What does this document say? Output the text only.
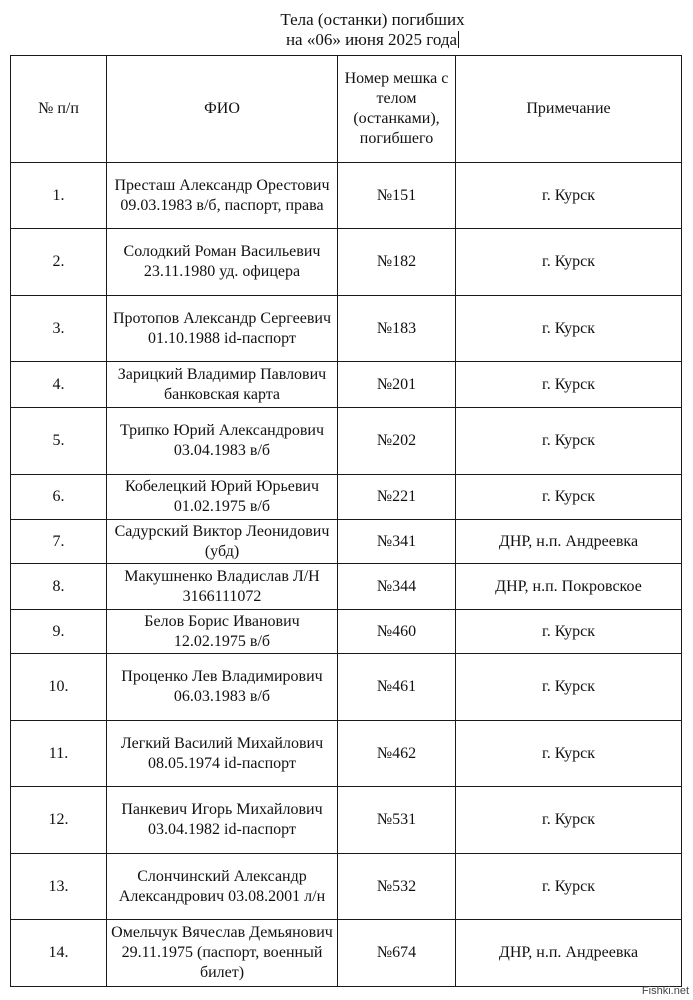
Тела (останки) погибших
на «06» июня 2025 года
№ п/п	ФИО	Номер мешка с телом (останками), погибшего	Примечание
1.	Престаш Александр Орестович 09.03.1983 в/б, паспорт, права	№151	г. Курск
2.	Солодкий Роман Васильевич 23.11.1980 уд. офицера	№182	г. Курск
3.	Протопов Александр Сергеевич 01.10.1988 id-паспорт	№183	г. Курск
4.	Зарицкий Владимир Павлович банковская карта	№201	г. Курск
5.	Трипко Юрий Александрович 03.04.1983 в/б	№202	г. Курск
6.	Кобелецкий Юрий Юрьевич 01.02.1975 в/б	№221	г. Курск
7.	Садурский Виктор Леонидович (убд)	№341	ДНР, н.п. Андреевка
8.	Макушненко Владислав Л/Н 3166111072	№344	ДНР, н.п. Покровское
9.	Белов Борис Иванович 12.02.1975 в/б	№460	г. Курск
10.	Проценко Лев Владимирович 06.03.1983 в/б	№461	г. Курск
11.	Легкий Василий Михайлович 08.05.1974 id-паспорт	№462	г. Курск
12.	Панкевич Игорь Михайлович 03.04.1982 id-паспорт	№531	г. Курск
13.	Слончинский Александр Александрович 03.08.2001 л/н	№532	г. Курск
14.	Омельчук Вячеслав Демьянович 29.11.1975 (паспорт, военный билет)	№674	ДНР, н.п. Андреевка
Fishki.net
